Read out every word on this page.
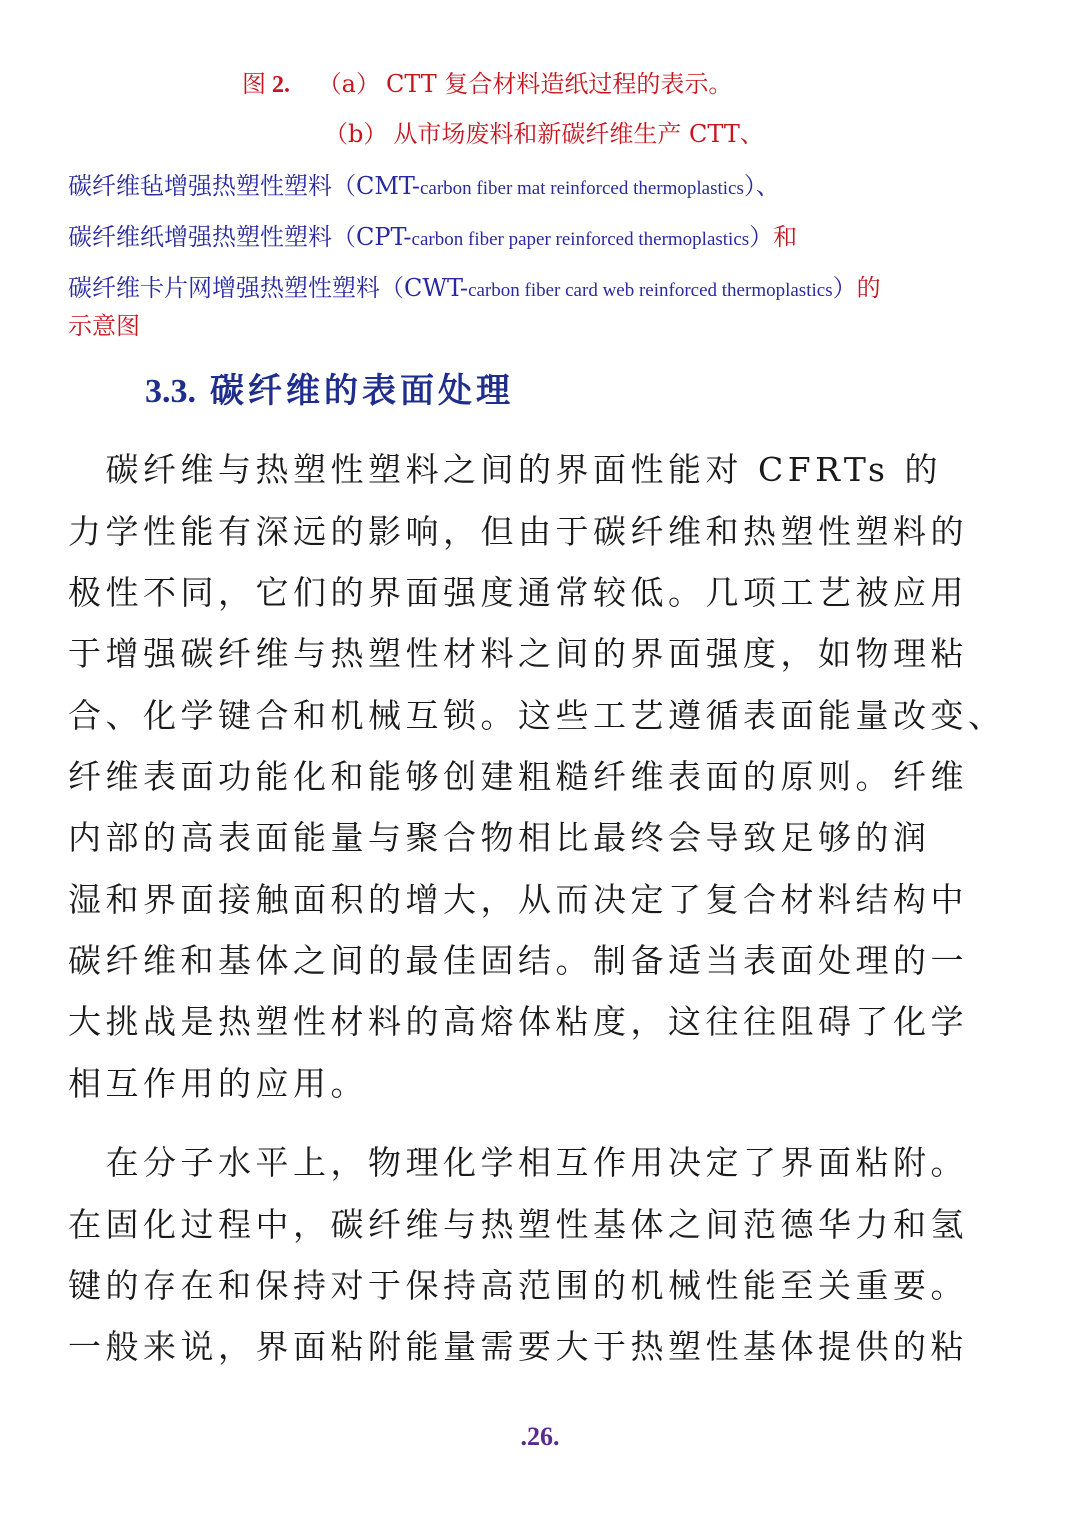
图 2. （a） CTT 复合材料造纸过程的表示。
（b） 从市场废料和新碳纤维生产 CTT、
碳纤维毡增强热塑性塑料（CMT-carbon fiber mat reinforced thermoplastics）、
碳纤维纸增强热塑性塑料（CPT-carbon fiber paper reinforced thermoplastics）和
碳纤维卡片网增强热塑性塑料（CWT-carbon fiber card web reinforced thermoplastics）的
示意图
3.3. 碳纤维的表面处理
　碳纤维与热塑性塑料之间的界面性能对 CFRTs 的
力学性能有深远的影响，但由于碳纤维和热塑性塑料的
极性不同，它们的界面强度通常较低。几项工艺被应用
于增强碳纤维与热塑性材料之间的界面强度，如物理粘
合、化学键合和机械互锁。这些工艺遵循表面能量改变、
纤维表面功能化和能够创建粗糙纤维表面的原则。纤维
内部的高表面能量与聚合物相比最终会导致足够的润
湿和界面接触面积的增大，从而决定了复合材料结构中
碳纤维和基体之间的最佳固结。制备适当表面处理的一
大挑战是热塑性材料的高熔体粘度，这往往阻碍了化学
相互作用的应用。
　在分子水平上，物理化学相互作用决定了界面粘附。
在固化过程中，碳纤维与热塑性基体之间范德华力和氢
键的存在和保持对于保持高范围的机械性能至关重要。
一般来说，界面粘附能量需要大于热塑性基体提供的粘
.26.
